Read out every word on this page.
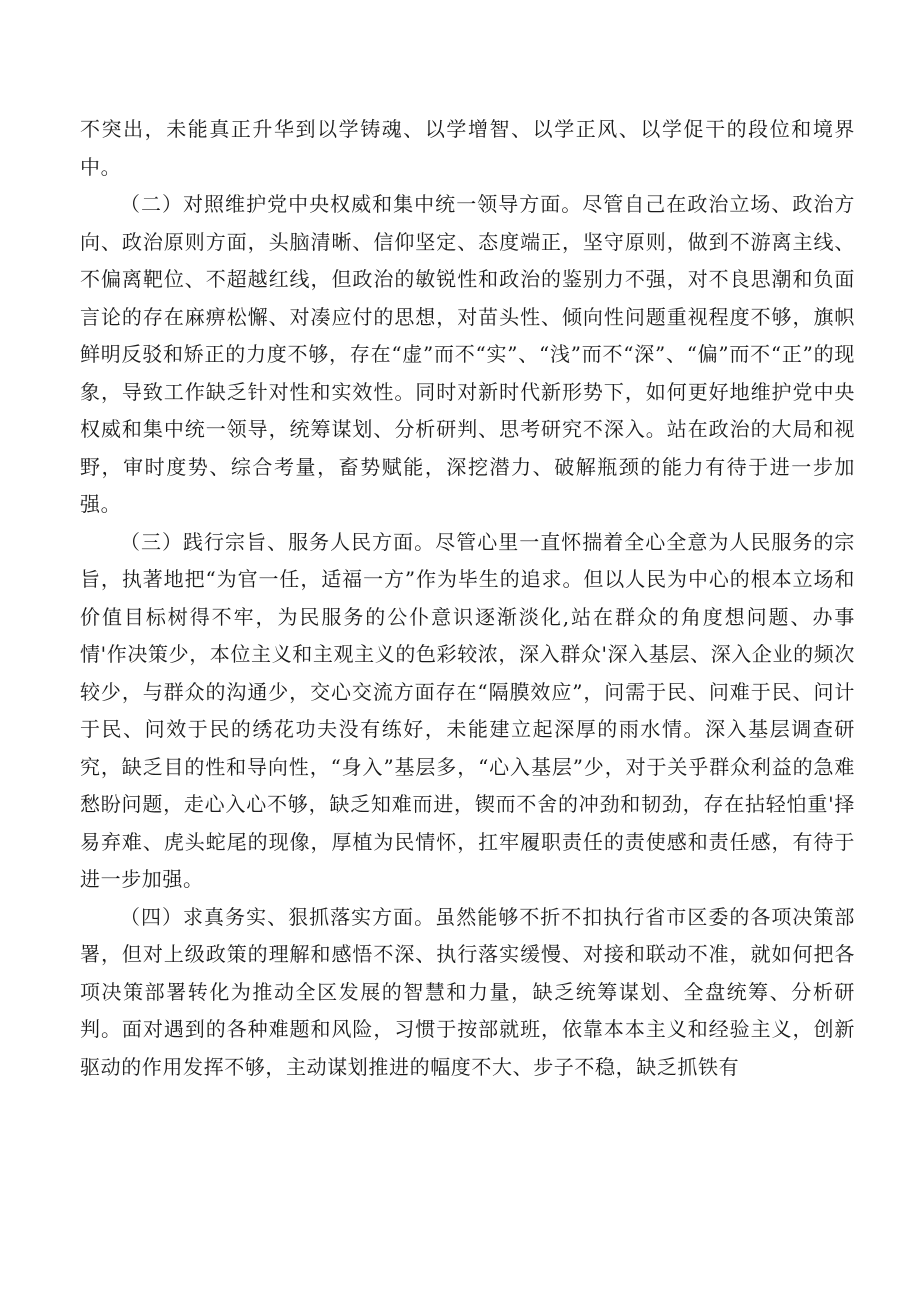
不突出，未能真正升华到以学铸魂、以学增智、以学正风、以学促干的段位和境界中。

（二）对照维护党中央权威和集中统一领导方面。尽管自己在政治立场、政治方向、政治原则方面，头脑清晰、信仰坚定、态度端正，坚守原则，做到不游离主线、不偏离靶位、不超越红线，但政治的敏锐性和政治的鉴别力不强，对不良思潮和负面言论的存在麻痹松懈、对凑应付的思想，对苗头性、倾向性问题重视程度不够，旗帜鲜明反驳和矫正的力度不够，存在“虚”而不“实”、“浅”而不“深”、“偏”而不“正”的现象，导致工作缺乏针对性和实效性。同时对新时代新形势下，如何更好地维护党中央权威和集中统一领导，统筹谋划、分析研判、思考研究不深入。站在政治的大局和视野，审时度势、综合考量，畜势赋能，深挖潜力、破解瓶颈的能力有待于进一步加强。

（三）践行宗旨、服务人民方面。尽管心里一直怀揣着全心全意为人民服务的宗旨，执著地把“为官一任，适福一方”作为毕生的追求。但以人民为中心的根本立场和价值目标树得不牢，为民服务的公仆意识逐渐淡化,站在群众的角度想问题、办事情'作决策少，本位主义和主观主义的色彩较浓，深入群众'深入基层、深入企业的频次较少，与群众的沟通少，交心交流方面存在“隔膜效应”，问需于民、问难于民、问计于民、问效于民的绣花功夫没有练好，未能建立起深厚的雨水情。深入基层调查研究，缺乏目的性和导向性，“身入”基层多，“心入基层”少，对于关乎群众利益的急难愁盼问题，走心入心不够，缺乏知难而进，锲而不舍的冲劲和韧劲，存在拈轻怕重'择易弃难、虎头蛇尾的现像，厚植为民情怀，扛牢履职责任的责使感和责任感，有待于进一步加强。

（四）求真务实、狠抓落实方面。虽然能够不折不扣执行省市区委的各项决策部署，但对上级政策的理解和感悟不深、执行落实缓慢、对接和联动不准，就如何把各项决策部署转化为推动全区发展的智慧和力量，缺乏统筹谋划、全盘统筹、分析研判。面对遇到的各种难题和风险，习惯于按部就班，依靠本本主义和经验主义，创新驱动的作用发挥不够，主动谋划推进的幅度不大、步子不稳，缺乏抓铁有
